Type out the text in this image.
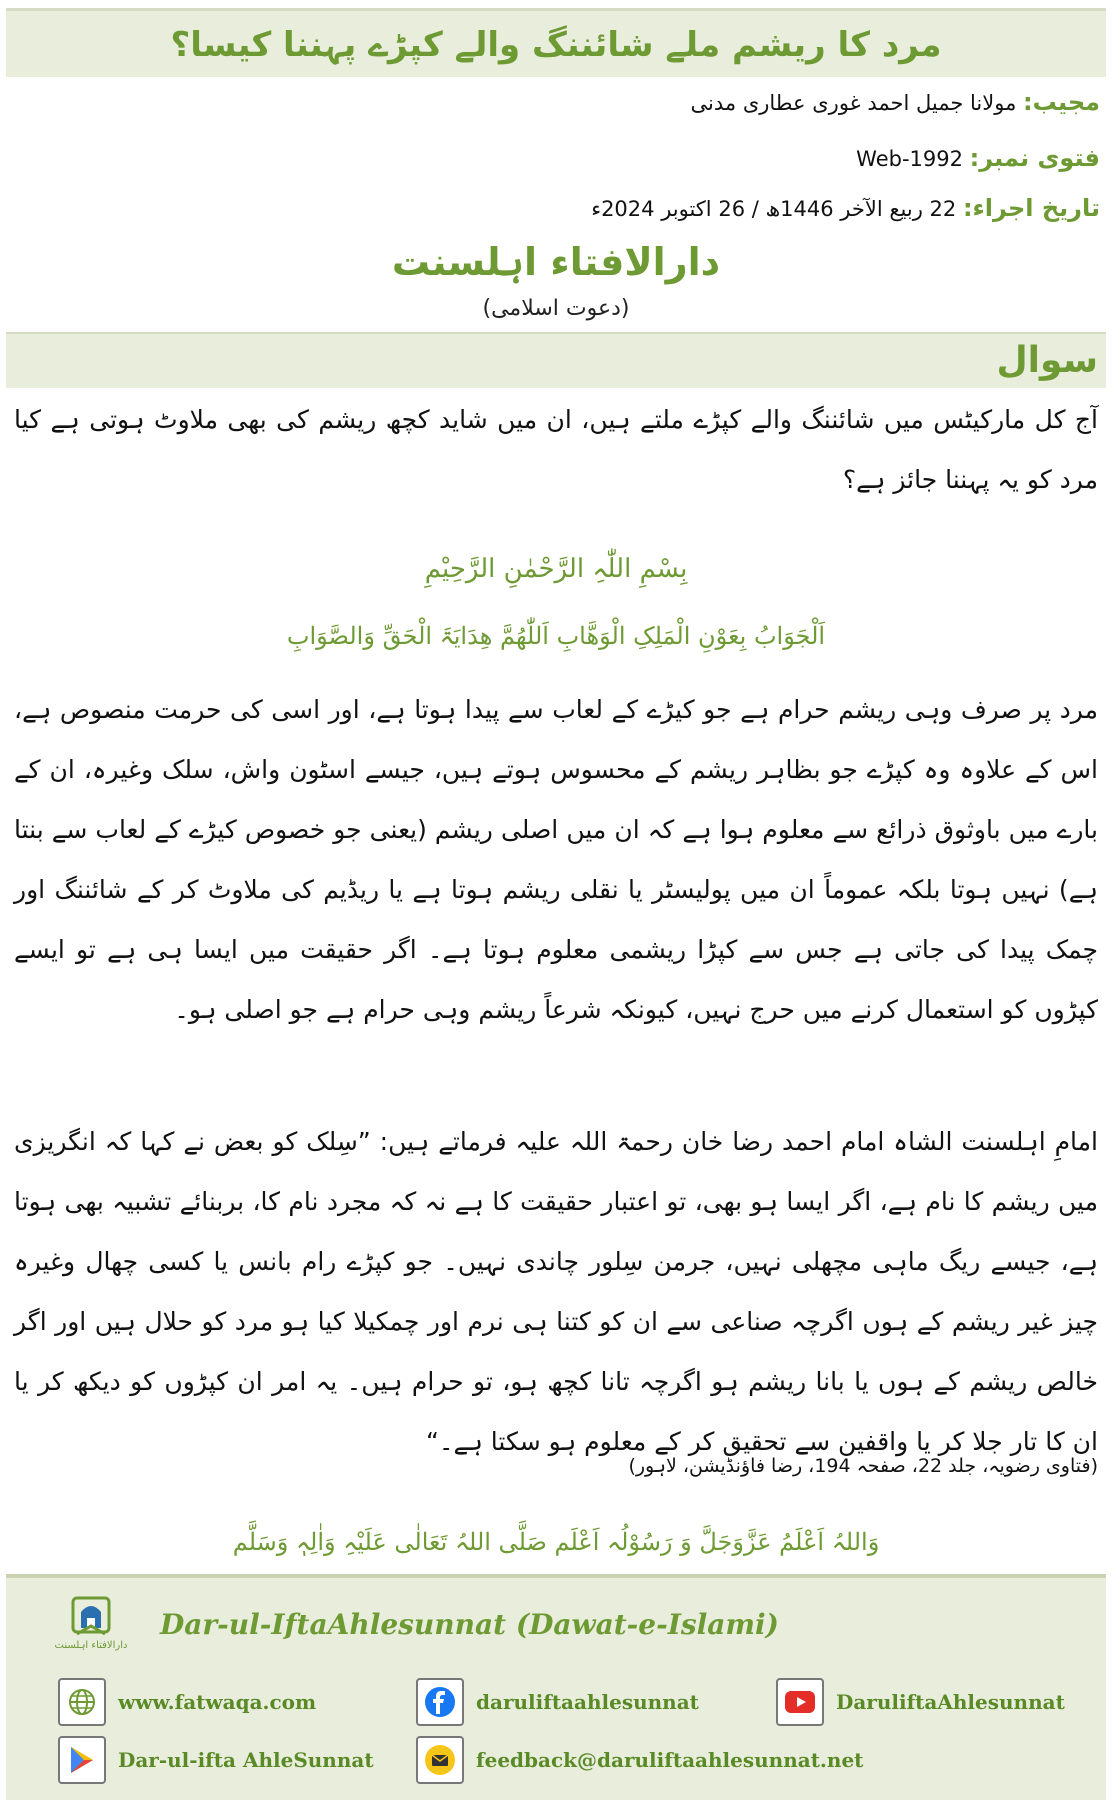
مرد کا ریشم ملے شائننگ والے کپڑے پہننا کیسا؟
مجیب: مولانا جمیل احمد غوری عطاری مدنی
فتوی نمبر: Web-1992
تاریخ اجراء: 22 ربیع الآخر 1446ھ / 26 اکتوبر 2024ء
دارالافتاء اہلسنت
(دعوت اسلامی)
سوال
آج کل مارکیٹس میں شائننگ والے کپڑے ملتے ہیں، ان میں شاید کچھ ریشم کی بھی ملاوٹ ہوتی ہے کیا مرد کو یہ پہننا جائز ہے؟
بِسْمِ اللّٰہِ الرَّحْمٰنِ الرَّحِیْمِ
اَلْجَوَابُ بِعَوْنِ الْمَلِکِ الْوَھَّابِ اَللّٰھُمَّ ھِدَایَۃَ الْحَقِّ وَالصَّوَابِ
مرد پر صرف وہی ریشم حرام ہے جو کیڑے کے لعاب سے پیدا ہوتا ہے، اور اسی کی حرمت منصوص ہے، اس کے علاوہ وہ کپڑے جو بظاہر ریشم کے محسوس ہوتے ہیں، جیسے اسٹون واش، سلک وغیرہ، ان کے بارے میں باوثوق ذرائع سے معلوم ہوا ہے کہ ان میں اصلی ریشم (یعنی جو خصوص کیڑے کے لعاب سے بنتا ہے) نہیں ہوتا بلکہ عموماً ان میں پولیسٹر یا نقلی ریشم ہوتا ہے یا ریڈیم کی ملاوٹ کر کے شائننگ اور چمک پیدا کی جاتی ہے جس سے کپڑا ریشمی معلوم ہوتا ہے۔ اگر حقیقت میں ایسا ہی ہے تو ایسے کپڑوں کو استعمال کرنے میں حرج نہیں، کیونکہ شرعاً ریشم وہی حرام ہے جو اصلی ہو۔
امامِ اہلسنت الشاہ امام احمد رضا خان رحمۃ اللہ علیہ فرماتے ہیں: ”سِلک کو بعض نے کہا کہ انگریزی میں ریشم کا نام ہے، اگر ایسا ہو بھی، تو اعتبار حقیقت کا ہے نہ کہ مجرد نام کا، بربنائے تشبیہ بھی ہوتا ہے، جیسے ریگ ماہی مچھلی نہیں، جرمن سِلور چاندی نہیں۔ جو کپڑے رام بانس یا کسی چھال وغیرہ چیز غیر ریشم کے ہوں اگرچہ صناعی سے ان کو کتنا ہی نرم اور چمکیلا کیا ہو مرد کو حلال ہیں اور اگر خالص ریشم کے ہوں یا بانا ریشم ہو اگرچہ تانا کچھ ہو، تو حرام ہیں۔ یہ امر ان کپڑوں کو دیکھ کر یا ان کا تار جلا کر یا واقفین سے تحقیق کر کے معلوم ہو سکتا ہے۔“
(فتاوی رضویہ، جلد 22، صفحہ 194، رضا فاؤنڈیشن، لاہور)
وَاللہُ اَعْلَمُ عَزَّوَجَلَّ وَ رَسُوْلُہ اَعْلَم صَلَّی اللہُ تَعَالٰی عَلَیْہِ وَاٰلِہٖ وَسَلَّم
دارالافتاء اہلسنت
Dar-ul-IftaAhlesunnat (Dawat-e-Islami)
www.fatwaqa.com	daruliftaahlesunnat	DaruliftaAhlesunnat
Dar-ul-ifta AhleSunnat	feedback@daruliftaahlesunnat.net
